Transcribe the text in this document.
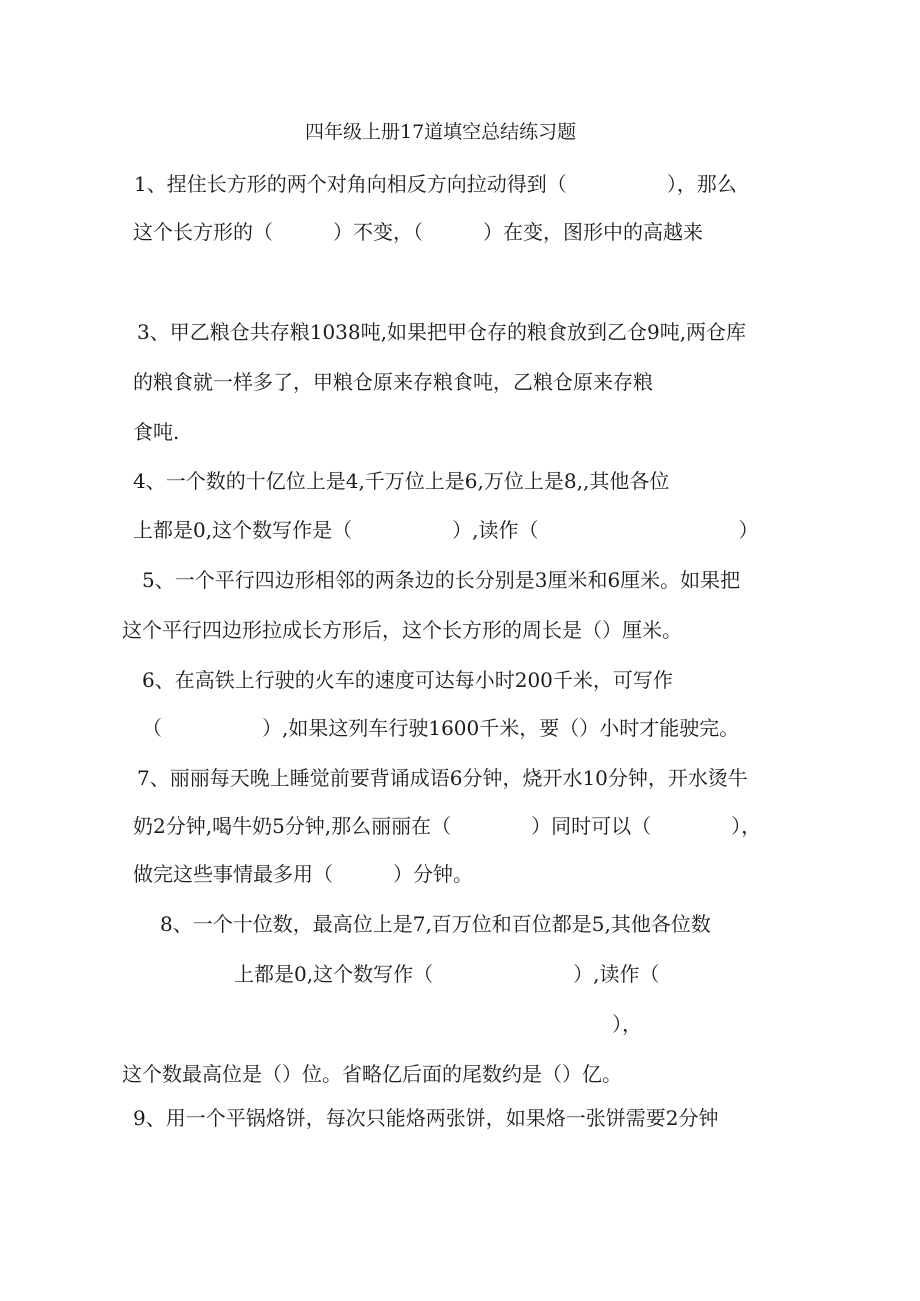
四年级上册17道填空总结练习题
1、捏住长方形的两个对角向相反方向拉动得到（　　　　　），那么
这个长方形的（　　　）不变，（　　　）在变，图形中的高越来
3、甲乙粮仓共存粮1038吨,如果把甲仓存的粮食放到乙仓9吨,两仓库
的粮食就一样多了，甲粮仓原来存粮食吨，乙粮仓原来存粮
食吨.
4、一个数的十亿位上是4,千万位上是6,万位上是8,,其他各位
上都是0,这个数写作是（　　　　　）,读作（　　　　　　　　　　）
5、一个平行四边形相邻的两条边的长分别是3厘米和6厘米。如果把
这个平行四边形拉成长方形后，这个长方形的周长是（）厘米。
6、在高铁上行驶的火车的速度可达每小时200千米，可写作
（　　　　　）,如果这列车行驶1600千米，要（）小时才能驶完。
7、丽丽每天晚上睡觉前要背诵成语6分钟，烧开水10分钟，开水烫牛
奶2分钟,喝牛奶5分钟,那么丽丽在（　　　　）同时可以（　　　　），
做完这些事情最多用（　　　）分钟。
8、一个十位数，最高位上是7,百万位和百位都是5,其他各位数
上都是0,这个数写作（　　　　　　　）,读作（
），
这个数最高位是（）位。省略亿后面的尾数约是（）亿。
9、用一个平锅烙饼，每次只能烙两张饼，如果烙一张饼需要2分钟
